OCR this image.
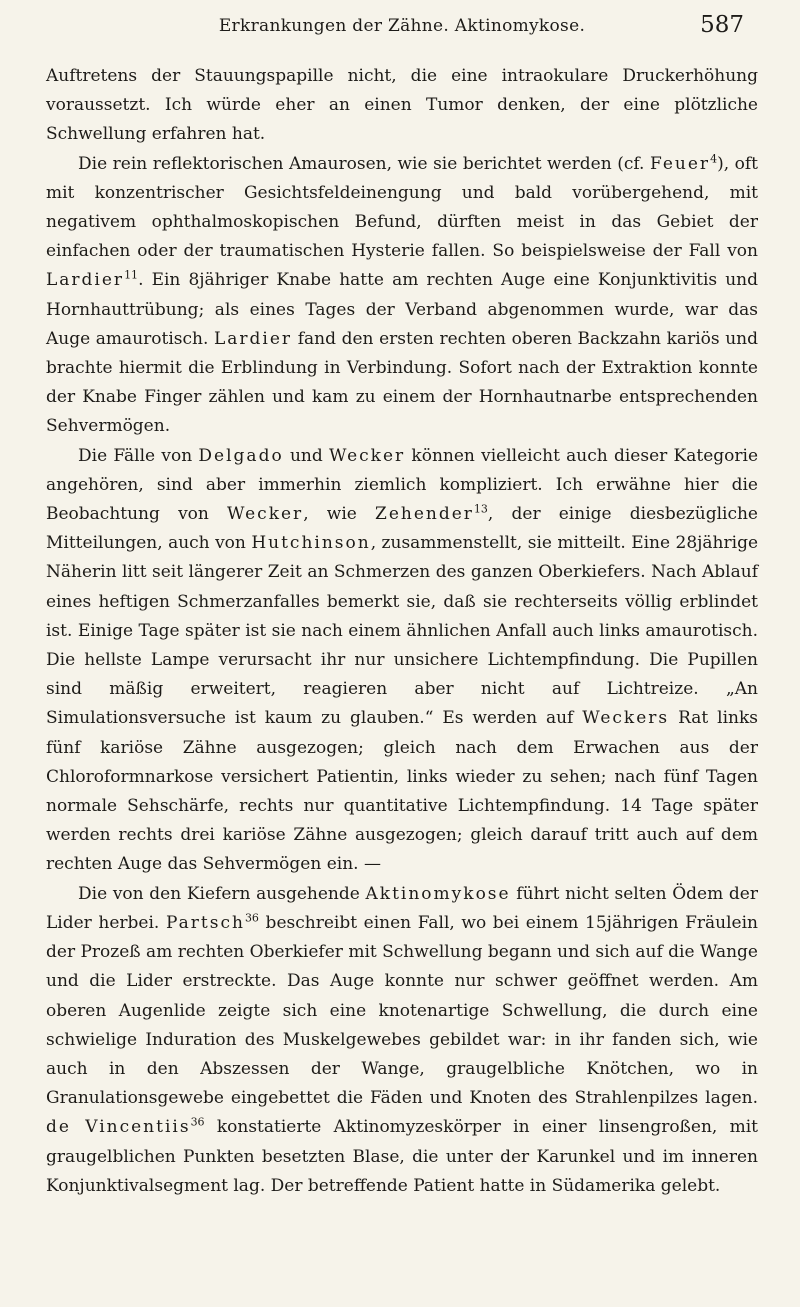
Erkrankungen der Zähne. Aktinomykose.	587

Auftretens der Stauungspapille nicht, die eine intraokulare Druckerhöhung voraussetzt. Ich würde eher an einen Tumor denken, der eine plötzliche Schwellung erfahren hat.

Die rein reflektorischen Amaurosen, wie sie berichtet werden (cf. Feuer$^4$), oft mit konzentrischer Gesichtsfeldeinengung und bald vorübergehend, mit negativem ophthalmoskopischen Befund, dürften meist in das Gebiet der einfachen oder der traumatischen Hysterie fallen. So beispielsweise der Fall von Lardier$^{11}$. Ein 8jähriger Knabe hatte am rechten Auge eine Konjunktivitis und Hornhauttrübung; als eines Tages der Verband abgenommen wurde, war das Auge amaurotisch. Lardier fand den ersten rechten oberen Backzahn kariös und brachte hiermit die Erblindung in Verbindung. Sofort nach der Extraktion konnte der Knabe Finger zählen und kam zu einem der Hornhautnarbe entsprechenden Sehvermögen.

Die Fälle von Delgado und Wecker können vielleicht auch dieser Kategorie angehören, sind aber immerhin ziemlich kompliziert. Ich erwähne hier die Beobachtung von Wecker, wie Zehender$^{13}$, der einige diesbezügliche Mitteilungen, auch von Hutchinson, zusammenstellt, sie mitteilt. Eine 28jährige Näherin litt seit längerer Zeit an Schmerzen des ganzen Oberkiefers. Nach Ablauf eines heftigen Schmerzanfalles bemerkt sie, daß sie rechterseits völlig erblindet ist. Einige Tage später ist sie nach einem ähnlichen Anfall auch links amaurotisch. Die hellste Lampe verursacht ihr nur unsichere Lichtempfindung. Die Pupillen sind mäßig erweitert, reagieren aber nicht auf Lichtreize. „An Simulationsversuche ist kaum zu glauben.“ Es werden auf Weckers Rat links fünf kariöse Zähne ausgezogen; gleich nach dem Erwachen aus der Chloroformnarkose versichert Patientin, links wieder zu sehen; nach fünf Tagen normale Sehschärfe, rechts nur quantitative Lichtempfindung. 14 Tage später werden rechts drei kariöse Zähne ausgezogen; gleich darauf tritt auch auf dem rechten Auge das Sehvermögen ein. —

Die von den Kiefern ausgehende Aktinomykose führt nicht selten Ödem der Lider herbei. Partsch$^{36}$ beschreibt einen Fall, wo bei einem 15jährigen Fräulein der Prozeß am rechten Oberkiefer mit Schwellung begann und sich auf die Wange und die Lider erstreckte. Das Auge konnte nur schwer geöffnet werden. Am oberen Augenlide zeigte sich eine knotenartige Schwellung, die durch eine schwielige Induration des Muskelgewebes gebildet war: in ihr fanden sich, wie auch in den Abszessen der Wange, graugelbliche Knötchen, wo in Granulationsgewebe eingebettet die Fäden und Knoten des Strahlenpilzes lagen. de Vincentiis$^{36}$ konstatierte Aktinomyzeskörper in einer linsengroßen, mit graugelblichen Punkten besetzten Blase, die unter der Karunkel und im inneren Konjunktivalsegment lag. Der betreffende Patient hatte in Südamerika gelebt.
